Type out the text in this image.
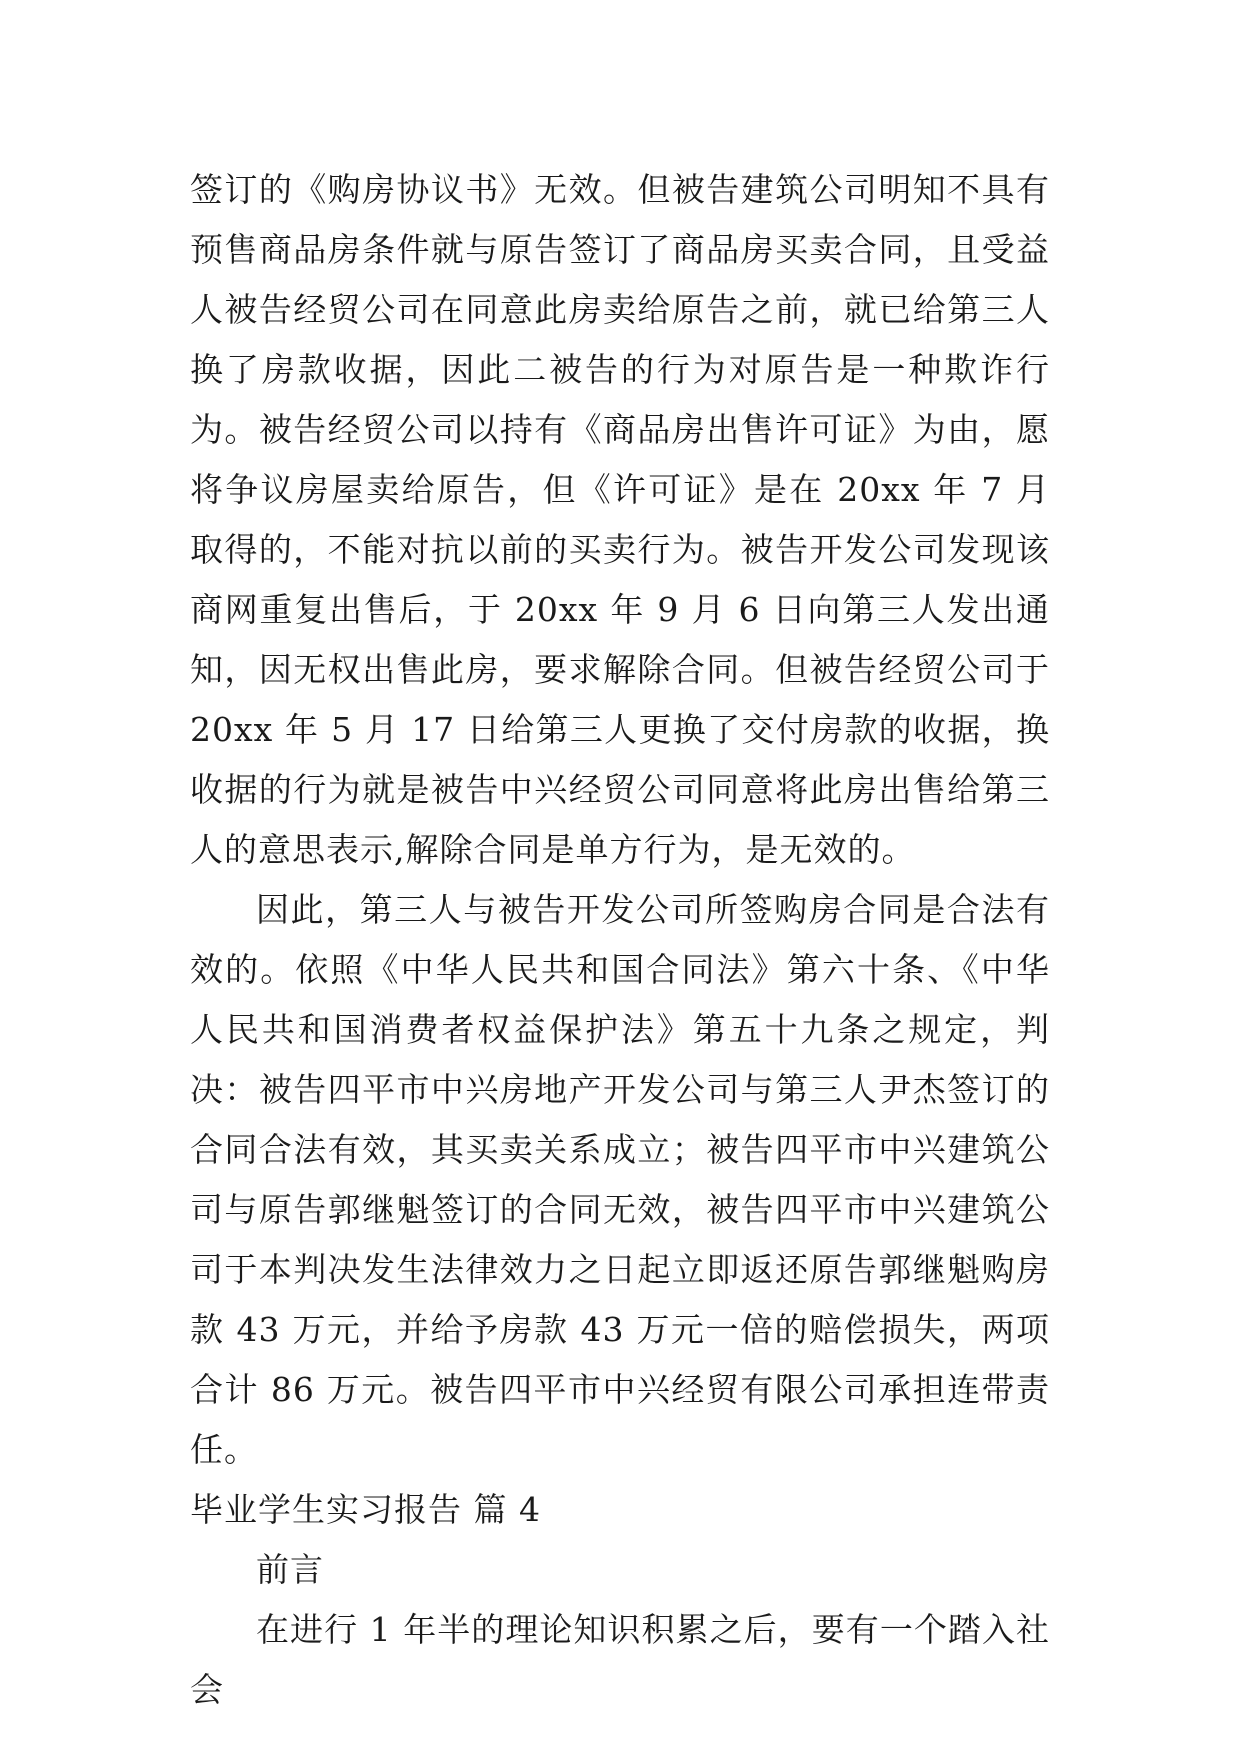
签订的《购房协议书》无效。但被告建筑公司明知不具有预售商品房条件就与原告签订了商品房买卖合同，且受益人被告经贸公司在同意此房卖给原告之前，就已给第三人换了房款收据，因此二被告的行为对原告是一种欺诈行为。被告经贸公司以持有《商品房出售许可证》为由，愿将争议房屋卖给原告，但《许可证》是在 20xx 年 7 月取得的，不能对抗以前的买卖行为。被告开发公司发现该商网重复出售后，于 20xx 年 9 月 6 日向第三人发出通知，因无权出售此房，要求解除合同。但被告经贸公司于 20xx 年 5 月 17 日给第三人更换了交付房款的收据，换收据的行为就是被告中兴经贸公司同意将此房出售给第三人的意思表示,解除合同是单方行为，是无效的。

因此，第三人与被告开发公司所签购房合同是合法有效的。依照《中华人民共和国合同法》第六十条、《中华人民共和国消费者权益保护法》第五十九条之规定，判决：被告四平市中兴房地产开发公司与第三人尹杰签订的合同合法有效，其买卖关系成立；被告四平市中兴建筑公司与原告郭继魁签订的合同无效，被告四平市中兴建筑公司于本判决发生法律效力之日起立即返还原告郭继魁购房款 43 万元，并给予房款 43 万元一倍的赔偿损失，两项合计 86 万元。被告四平市中兴经贸有限公司承担连带责任。

毕业学生实习报告 篇 4

前言

在进行 1 年半的理论知识积累之后，要有一个踏入社会
